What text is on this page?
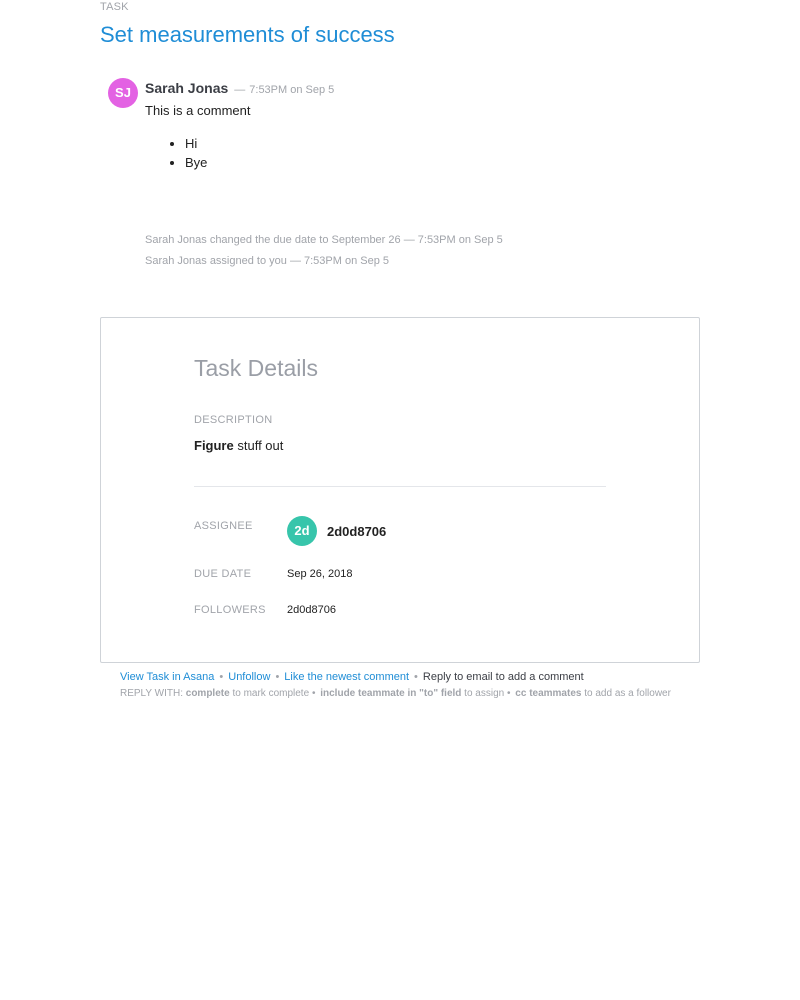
TASK
Set measurements of success
SJ	Sarah Jonas — 7:53PM on Sep 5
This is a comment
• Hi
• Bye
Sarah Jonas changed the due date to September 26 — 7:53PM on Sep 5
Sarah Jonas assigned to you — 7:53PM on Sep 5
Task Details
DESCRIPTION
Figure stuff out
ASSIGNEE	2d	2d0d8706
DUE DATE	Sep 26, 2018
FOLLOWERS 2d0d8706
View Task in Asana • Unfollow • Like the newest comment • Reply to email to add a comment
REPLY WITH: complete to mark complete • include teammate in "to" field to assign • cc teammates to add as a follower
